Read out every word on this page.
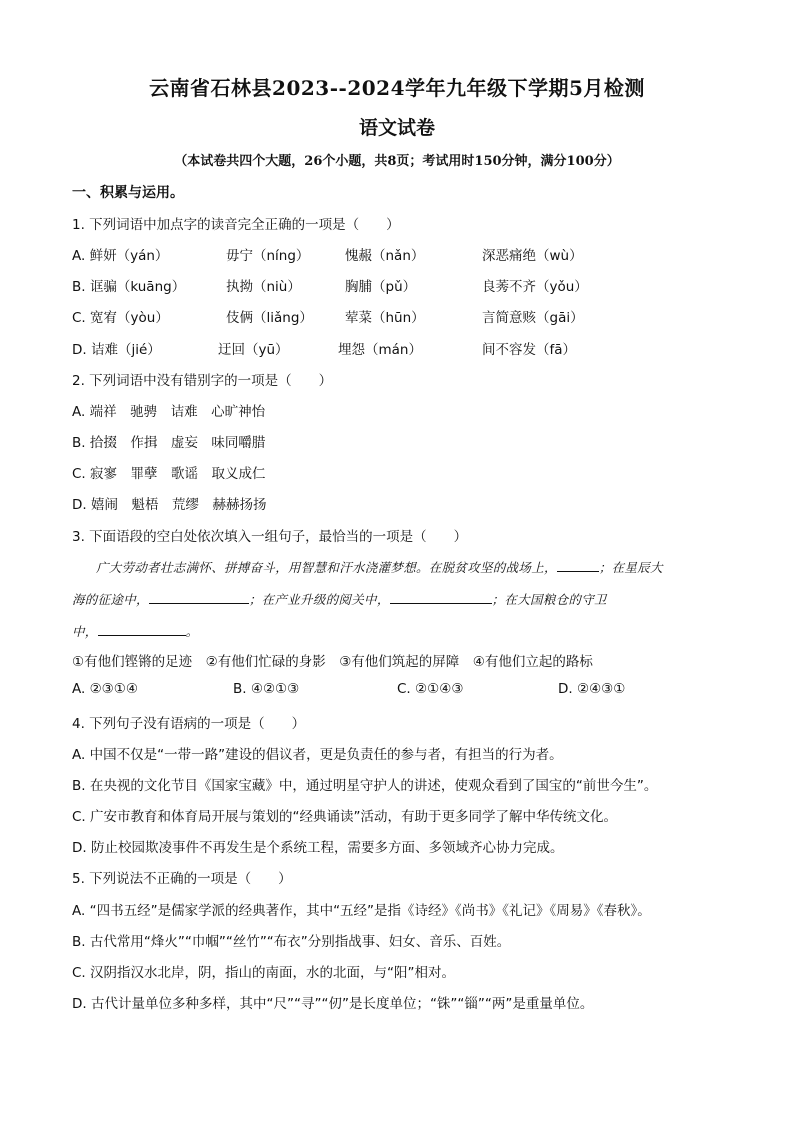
云南省石林县2023--2024学年九年级下学期5月检测
语文试卷
（本试卷共四个大题，26个小题，共8页；考试用时150分钟，满分100分）
一、积累与运用。
1. 下列词语中加点字的读音完全正确的一项是（　　）
A. 鲜妍（yán）	毋宁（níng）	愧赧（nǎn）	深恶痛绝（wù）
B. 诓骗（kuāng）	执拗（niù）	胸脯（pǔ）	良莠不齐（yǒu）
C. 宽宥（yòu）	伎俩（liǎng） 荤菜（hūn）	言简意赅（gāi）
D. 诘难（jié）	迂回（yū）	埋怨（mán）	间不容发（fā）
2. 下列词语中没有错别字的一项是（　　）
A. 端祥　驰骋　诘难　心旷神怡
B. 拾掇　作揖　虚妄　味同嚼腊
C. 寂寥　罪孽　歌谣　取义成仁
D. 嬉闹　魁梧　荒缪　赫赫扬扬
3. 下面语段的空白处依次填入一组句子，最恰当的一项是（　　）
广大劳动者壮志满怀、拼搏奋斗，用智慧和汗水浇灌梦想。在脱贫攻坚的战场上，	；在星辰大
海的征途中，	；在产业升级的阅关中，	；在大国粮仓的守卫
中，	。
①有他们铿锵的足迹　②有他们忙碌的身影　③有他们筑起的屏障　④有他们立起的路标
A. ②③①④	B. ④②①③	C. ②①④③	D. ②④③①
4. 下列句子没有语病的一项是（　　）
A. 中国不仅是“一带一路”建设的倡议者，更是负责任的参与者，有担当的行为者。
B. 在央视的文化节目《国家宝藏》中，通过明星守护人的讲述，使观众看到了国宝的“前世今生”。
C. 广安市教育和体育局开展与策划的“经典诵读”活动，有助于更多同学了解中华传统文化。
D. 防止校园欺凌事件不再发生是个系统工程，需要多方面、多领域齐心协力完成。
5. 下列说法不正确的一项是（　　）
A. “四书五经”是儒家学派的经典著作，其中“五经”是指《诗经》《尚书》《礼记》《周易》《春秋》。
B. 古代常用“烽火”“巾帼”“丝竹”“布衣”分别指战事、妇女、音乐、百姓。
C. 汉阴指汉水北岸，阴，指山的南面，水的北面，与“阳”相对。
D. 古代计量单位多种多样，其中“尺”“寻”“仞”是长度单位；“铢”“锱”“两”是重量单位。
